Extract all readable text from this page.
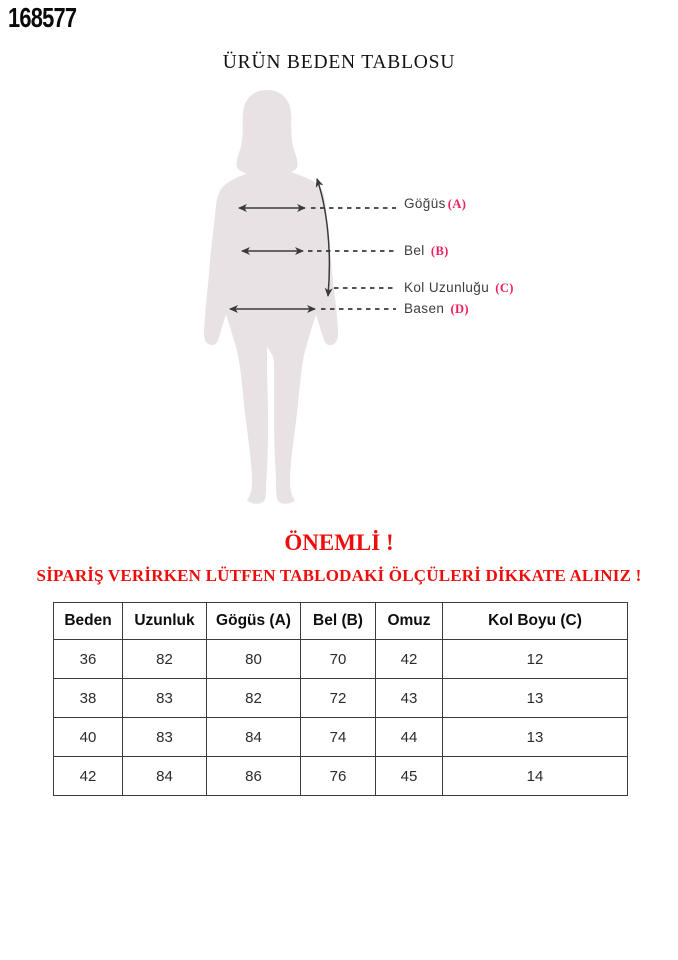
168577
ÜRÜN BEDEN TABLOSU
Göğüs (A)
Bel (B)
Kol Uzunluğu (C)
Basen (D)
ÖNEMLİ !
SİPARİŞ VERİRKEN LÜTFEN TABLODAKİ ÖLÇÜLERİ DİKKATE ALINIZ !
Beden	Uzunluk	Gögüs (A)	Bel (B)	Omuz	Kol Boyu (C)
36	82	80	70	42	12
38	83	82	72	43	13
40	83	84	74	44	13
42	84	86	76	45	14
